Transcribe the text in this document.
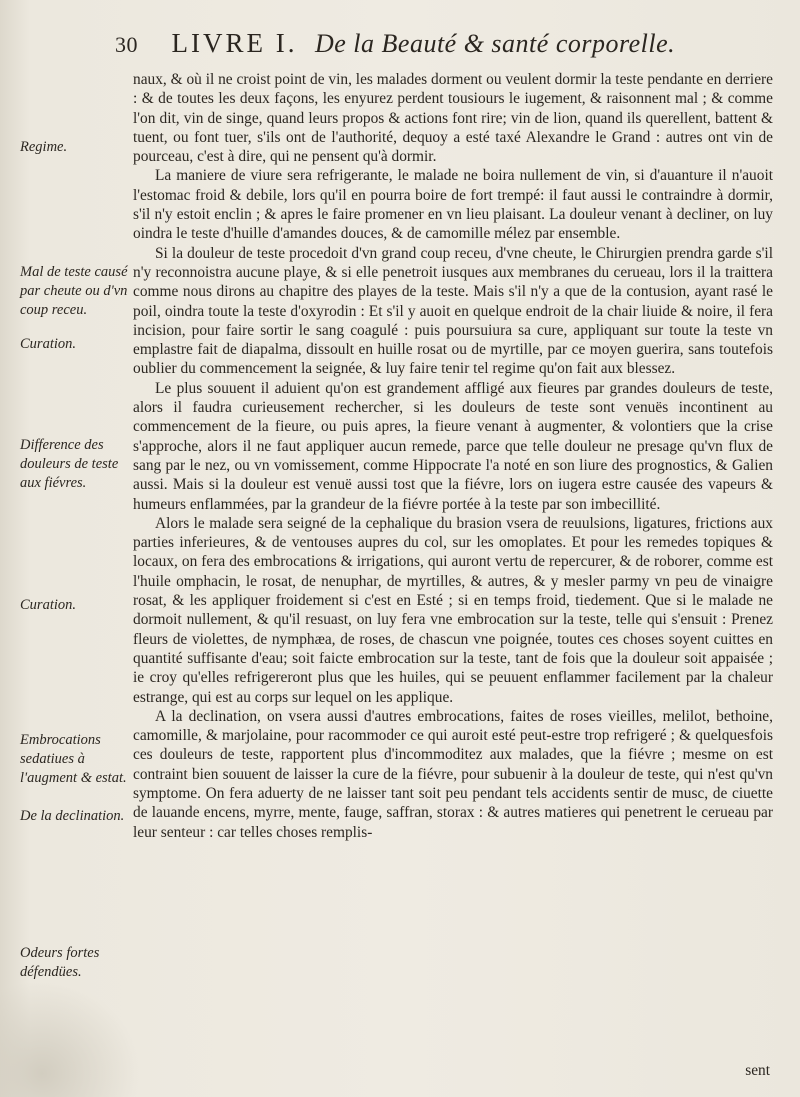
30 LIVRE I. De la Beauté & santé corporelle.
Regime.
Mal de teste causé par cheute ou d'vn coup receu.
Curation.
Difference des douleurs de teste aux fiévres.
Curation.
Embrocations sedatiues à l'augment & estat.
De la declination.
Odeurs fortes défendües.

naux, & où il ne croist point de vin, les malades dorment ou veulent dormir la teste pendante en derriere : & de toutes les deux façons, les enyurez perdent tousiours le iugement, & raisonnent mal ; & comme l'on dit, vin de singe, quand leurs propos & actions font rire; vin de lion, quand ils querellent, battent & tuent, ou font tuer, s'ils ont de l'authorité, dequoy a esté taxé Alexandre le Grand : autres ont vin de pourceau, c'est à dire, qui ne pensent qu'à dormir.

La maniere de viure sera refrigerante, le malade ne boira nullement de vin, si d'auanture il n'auoit l'estomac froid & debile, lors qu'il en pourra boire de fort trempé: il faut aussi le contraindre à dormir, s'il n'y estoit enclin ; & apres le faire promener en vn lieu plaisant. La douleur venant à decliner, on luy oindra le teste d'huille d'amandes douces, & de camomille mélez par ensemble.

Si la douleur de teste procedoit d'vn grand coup receu, d'vne cheute, le Chirurgien prendra garde s'il n'y reconnoistra aucune playe, & si elle penetroit iusques aux membranes du cerueau, lors il la traittera comme nous dirons au chapitre des playes de la teste. Mais s'il n'y a que de la contusion, ayant rasé le poil, oindra toute la teste d'oxyrodin : Et s'il y auoit en quelque endroit de la chair liuide & noire, il fera incision, pour faire sortir le sang coagulé : puis poursuiura sa cure, appliquant sur toute la teste vn emplastre fait de diapalma, dissoult en huille rosat ou de myrtille, par ce moyen guerira, sans toutefois oublier du commencement la seignée, & luy faire tenir tel regime qu'on fait aux blessez.

Le plus souuent il aduient qu'on est grandement affligé aux fieures par grandes douleurs de teste, alors il faudra curieusement rechercher, si les douleurs de teste sont venuës incontinent au commencement de la fieure, ou puis apres, la fieure venant à augmenter, & volontiers que la crise s'approche, alors il ne faut appliquer aucun remede, parce que telle douleur ne presage qu'vn flux de sang par le nez, ou vn vomissement, comme Hippocrate l'a noté en son liure des prognostics, & Galien aussi. Mais si la douleur est venuë aussi tost que la fiévre, lors on iugera estre causée des vapeurs & humeurs enflammées, par la grandeur de la fiévre portée à la teste par son imbecillité.

Alors le malade sera seigné de la cephalique du brasion vsera de reuulsions, ligatures, frictions aux parties inferieures, & de ventouses aupres du col, sur les omoplates. Et pour les remedes topiques & locaux, on fera des embrocations & irrigations, qui auront vertu de repercurer, & de roborer, comme est l'huile omphacin, le rosat, de nenuphar, de myrtilles, & autres, & y mesler parmy vn peu de vinaigre rosat, & les appliquer froidement si c'est en Esté ; si en temps froid, tiedement. Que si le malade ne dormoit nullement, & qu'il resuast, on luy fera vne embrocation sur la teste, telle qui s'ensuit : Prenez fleurs de violettes, de nymphæa, de roses, de chascun vne poignée, toutes ces choses soyent cuittes en quantité suffisante d'eau; soit faicte embrocation sur la teste, tant de fois que la douleur soit appaisée ; ie croy qu'elles refrigereront plus que les huiles, qui se peuuent enflammer facilement par la chaleur estrange, qui est au corps sur lequel on les applique.

A la declination, on vsera aussi d'autres embrocations, faites de roses vieilles, melilot, bethoine, camomille, & marjolaine, pour racommoder ce qui auroit esté peut-estre trop refrigeré ; & quelquesfois ces douleurs de teste, rapportent plus d'incommoditez aux malades, que la fiévre ; mesme on est contraint bien souuent de laisser la cure de la fiévre, pour subuenir à la douleur de teste, qui n'est qu'vn symptome. On fera aduerty de ne laisser tant soit peu pendant tels accidents sentir de musc, de ciuette de lauande encens, myrre, mente, fauge, saffran, storax : & autres matieres qui penetrent le cerueau par leur senteur : car telles choses remplis-

sent
